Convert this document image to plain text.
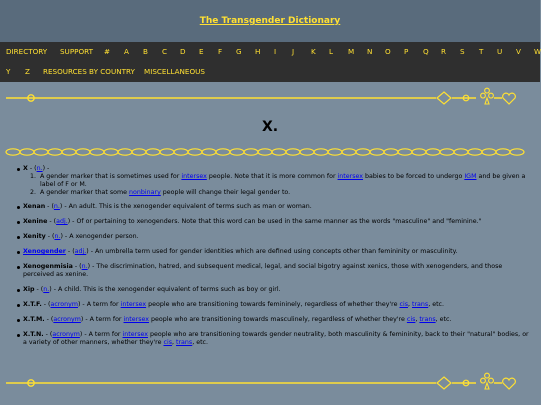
The Transgender Dictionary
DIRECTORY SUPPORT # A B C D E F G H I J K L M N O P Q R S T U V W
Y Z RESOURCES BY COUNTRY MISCELLANEOUS
X.
X - (n.) -
1. A gender marker that is sometimes used for intersex people. Note that it is more common for intersex babies to be forced to undergo IGM and be given a label of F or M.
2. A gender marker that some nonbinary people will change their legal gender to.
Xenan - (n.) - An adult. This is the xenogender equivalent of terms such as man or woman.
Xenine - (adj.) - Of or pertaining to xenogenders. Note that this word can be used in the same manner as the words "masculine" and "feminine."
Xenity - (n.) - A xenogender person.
Xenogender - (adj.) - An umbrella term used for gender identities which are defined using concepts other than femininity or masculinity.
Xenogenmisia - (n.) - The discrimination, hatred, and subsequent medical, legal, and social bigotry against xenics, those with xenogenders, and those perceived as xenine.
Xip - (n.) - A child. This is the xenogender equivalent of terms such as boy or girl.
X.T.F. - (acronym) - A term for intersex people who are transitioning towards femininely, regardless of whether they're cis, trans, etc.
X.T.M. - (acronym) - A term for intersex people who are transitioning towards masculinely, regardless of whether they're cis, trans, etc.
X.T.N. - (acronym) - A term for intersex people who are transitioning towards gender neutrality, both masculinity & femininity, back to their "natural" bodies, or a variety of other manners, whether they're cis, trans, etc.
